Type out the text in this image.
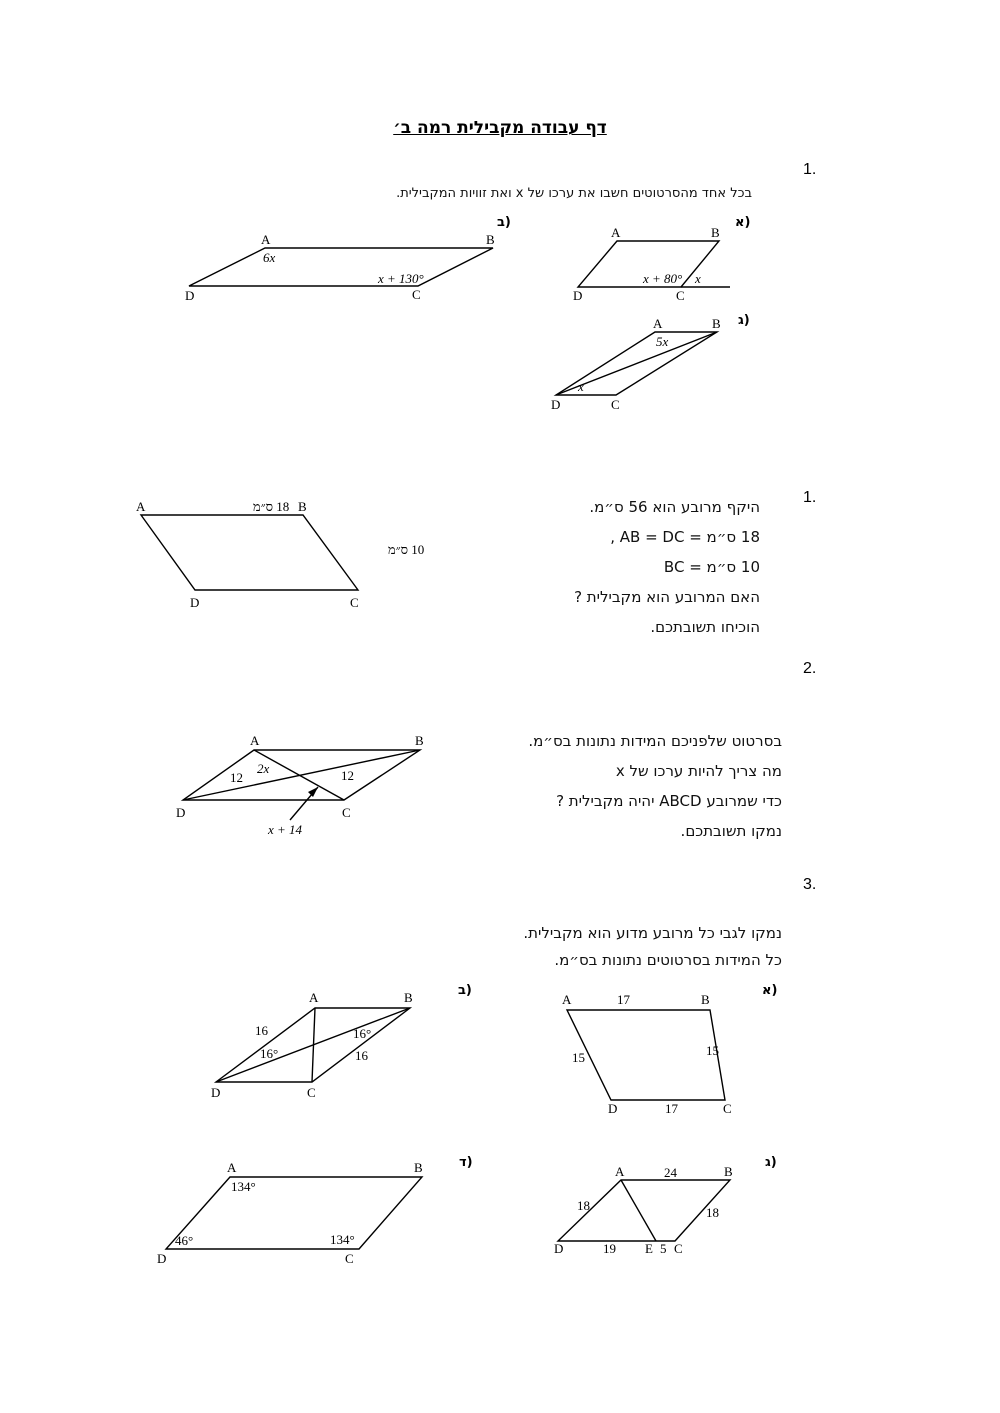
דף עבודה מקבילית רמה ב׳
1.
בכל אחד מהסרטוטים חשבו את ערכו של x ואת זוויות המקבילית.
(א
(ב
(ג
A	B
C
D
x + 80° x
A	B
C
D
6x
x + 130°
A	B
C
D
5x
x
A	B
C
D
18 ס״מ
10 ס״מ
A	B
C
D
12	12
2x
x + 14
A	B
C
D
17
17
15	15
A	B
C
D
16
16
16°
16°
A	B
C
D	E
24
18	18
19	5
A	B
C
D
134°
134°
46°
1.
היקף מרובע הוא 56 ס״מ.
18 ס״מ = AB = DC ,
10 ס״מ = BC
האם המרובע הוא מקבילית ?
הוכיחו תשובתכם.
2.
בסרטוט שלפניכם המידות נתונות בס״מ.
מה צריך להיות ערכו של x
כדי שמרובע ABCD יהיה מקבילית ?
נמקו תשובתכם.
3.
נמקו לגבי כל מרובע מדוע הוא מקבילית.
כל המידות בסרטוטים נתונות בס״מ.
(א
(ב
(ג
(ד
